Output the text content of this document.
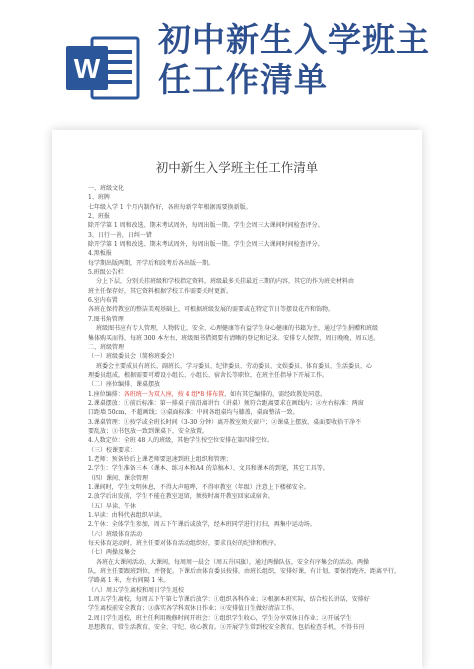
W
初中新生入学班主任工作清单
初中新生入学班主任工作清单
一、班级文化
1、班牌
七年级入学 1 个月内制作好，各班每新学年根据需要换新版。
2、班报
除开学第 1 周和改选、期末考试周外，每周出版一期。学生会周三大课间时间检查评分。
3、日行一善，日纠一错
除开学第 1 周和改选、期末考试周外，每周出版一期。学生会周三大课间时间检查评分。
4.黑板报
每学期出版两期，开学后和段考后各出版一期。
5.班级公告栏
分上下层，分别关挂班级和学校指定资料，班级最多关挂最近三期的内容，其它的作为班史材料由
班主任保存好，其它资料根据学校工作需要关时更新。
6.室内布置
各班在保持教室的整洁美观基础上，可根据班级发展的需要或在特定节日等摆设花卉和饰物。
7.图书角管理
班级图书应有专人管理，人物转让，安全、心理健康等有益学生身心健康的书籍为主，通过学生捐赠和班级
集体购买而得，每班 300 本左右，班级图书借阅要有清晰的登记和记录。安排专人保管，周日晚晚，周五送。
二、班级管理
（一）班级委员会（简称班委会）
班委会主要成员有班长、副班长、学习委员、纪律委员、劳动委员、文娱委员、体育委员、生活委员、心
理委员组成，根据需要可增设小组长、小组长、宿舍长等职位，在班主任指导下开展工作。
（二）座位编排、课桌摆放
1.座位编排：各班统一为双人座，按 4 组*8 排布置，如有其它编排的，需经政教处同意。
2.课桌摆放：①前后标准：第一排桌子前沿离讲台（讲桌）须符合距离要求在画线内；②左右标准：两窗
口距墙 50cm，不超画线；③桌面标准：中间各组桌均与膝盖，桌面整洁一致。
3.课桌管理：①按学或全班长时间（3-30 分钟）离开教室须关窗户；②课桌上摆放，桌面要收拾干净不
要乱放；③书包放一致到课桌下，安全放置。
4.人数定位：全班 48 人的班级，其他学生按空位安排在第四排空位。
（三）校课要求：
1.老师：预备铃后上课老师要迅速到班上组织和管理；
2.学生：学生准备三本（课本、练习本和A4 的草稿本）、文具和课本的到笔，其它工具等。
（四）课间、课余管理
1.课间时，学生文明休息，不得大声喧哗，不得审教室（年级）注意上下楼梯安全。
2.放学后出发前，学生不能在教室逗留，须按时离开教室回家或宿舍。
（五）早读、午休
1.早读：由科代表组织早读。
2.午休：全体学生参加，周五下午课后或放学，经本班同学进行打扫，再集中运动场。
（六）班级体育活动
每天体育运动时，班主任要对体育活动组织好，要求良好的纪律和秩序。
（七）两操及集会
各班在大课间活动、大课间，每周周一晨会（周五升国旗），通过两操队伍，安全有序集会的活动。两操
队，班主任要跟班到位，并督促。下课后由体育委员按排，由班长组织，安排好课，有计划，要保持跑齐，距离平行，
学路离 1 米，左右间隔 1 米。
（八）周五学生离校和周日学生返校
1.周五学生离校，每周五下午第七节课后放学：①组织各科作业；②根据本班实际，结合校长讲话，安排好
学生离校前安全教育；③落实各学科双休日作业；④安排值日生做好清洁工作。
2.周日学生返校，班主任利用晚修时间开班会：①组织学生收心，学生分享双休日作业；②开展学生
思想教育，常生活教育，安全、守纪、收心教育。③开展学生常到校安全教育，包括检查手机，不得书刊
